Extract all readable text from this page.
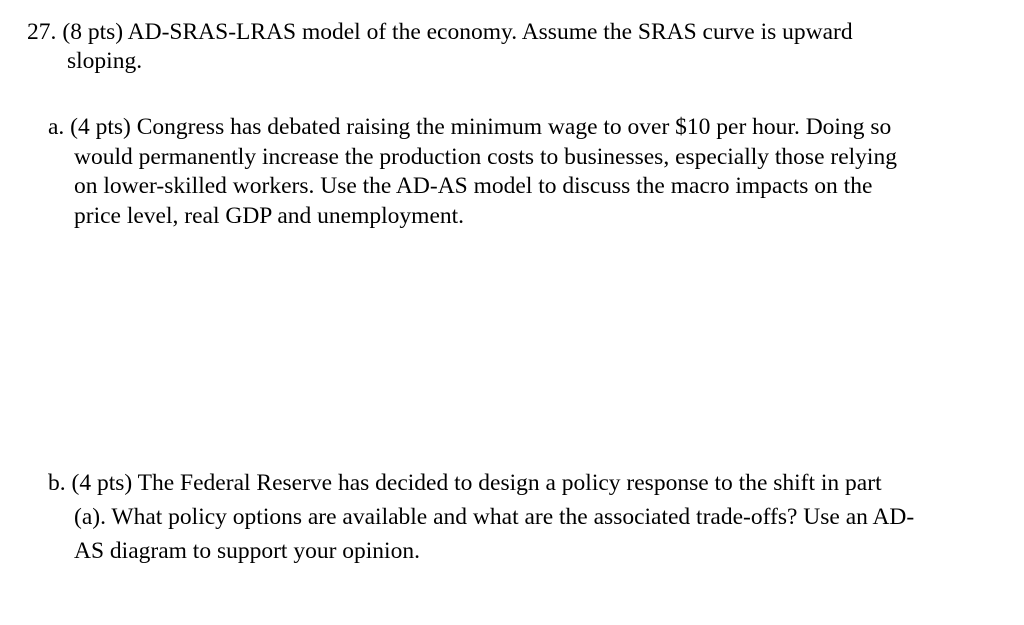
27. (8 pts) AD-SRAS-LRAS model of the economy. Assume the SRAS curve is upward
sloping.
a. (4 pts) Congress has debated raising the minimum wage to over $10 per hour. Doing so
would permanently increase the production costs to businesses, especially those relying
on lower-skilled workers. Use the AD-AS model to discuss the macro impacts on the
price level, real GDP and unemployment.
b. (4 pts) The Federal Reserve has decided to design a policy response to the shift in part
(a). What policy options are available and what are the associated trade-offs? Use an AD-
AS diagram to support your opinion.
